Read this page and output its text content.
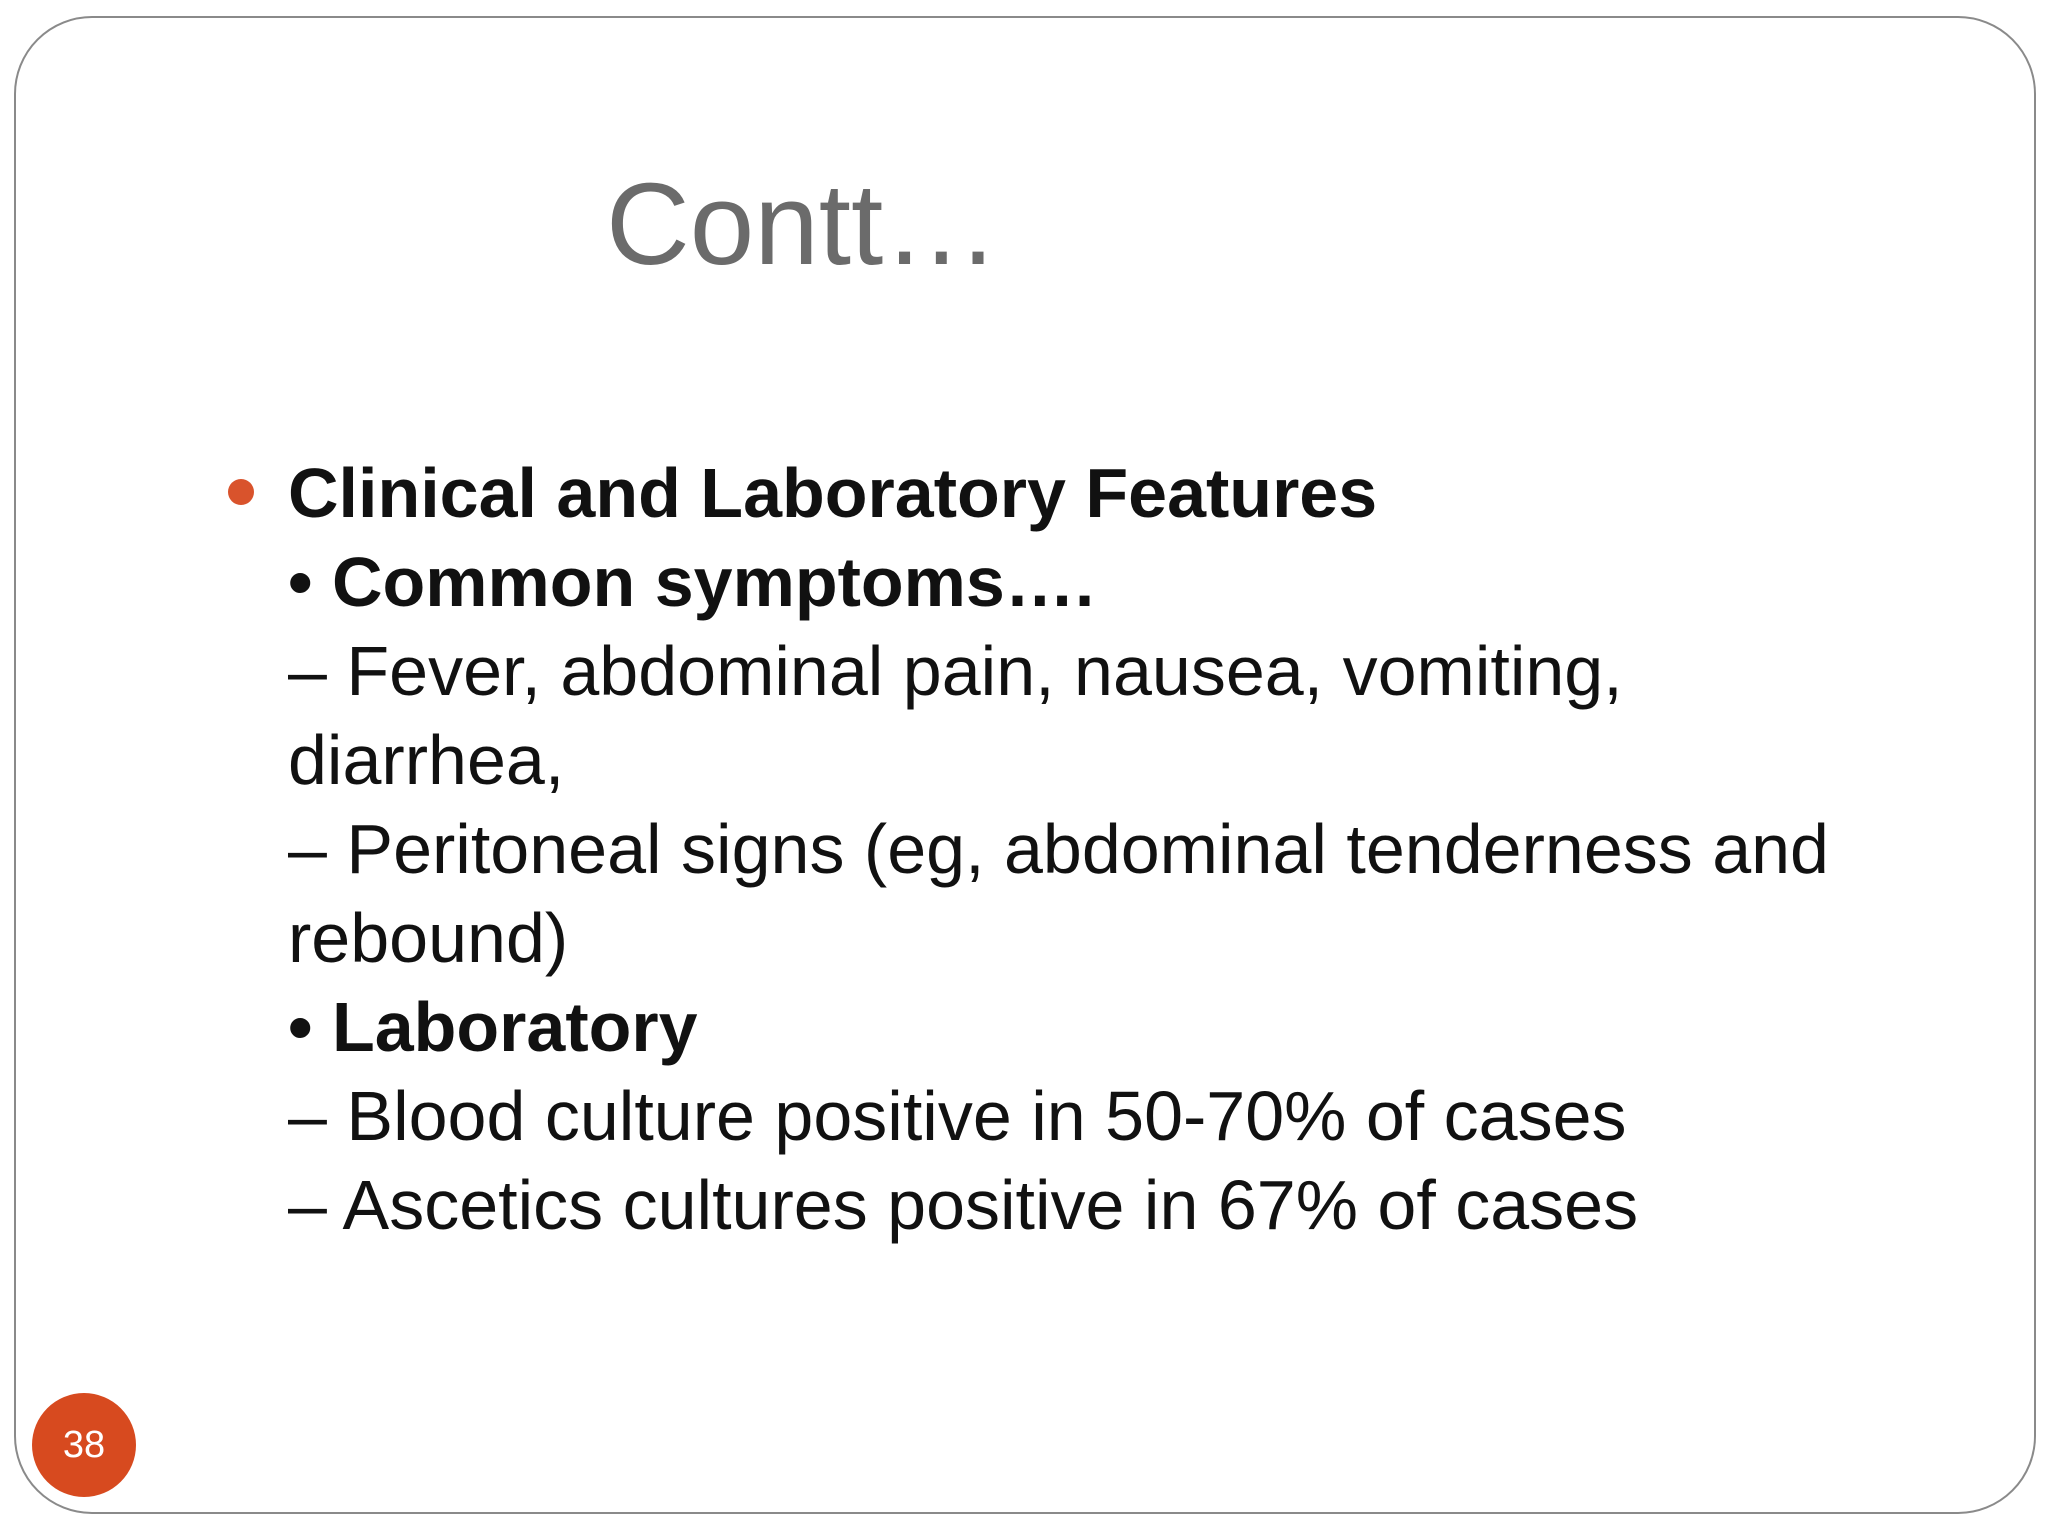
Contt…
Clinical and Laboratory Features
• Common symptoms….
– Fever, abdominal pain, nausea, vomiting,
diarrhea,
– Peritoneal signs (eg, abdominal tenderness and
rebound)
• Laboratory
– Blood culture positive in 50-70% of cases
– Ascetics cultures positive in 67% of cases
38
